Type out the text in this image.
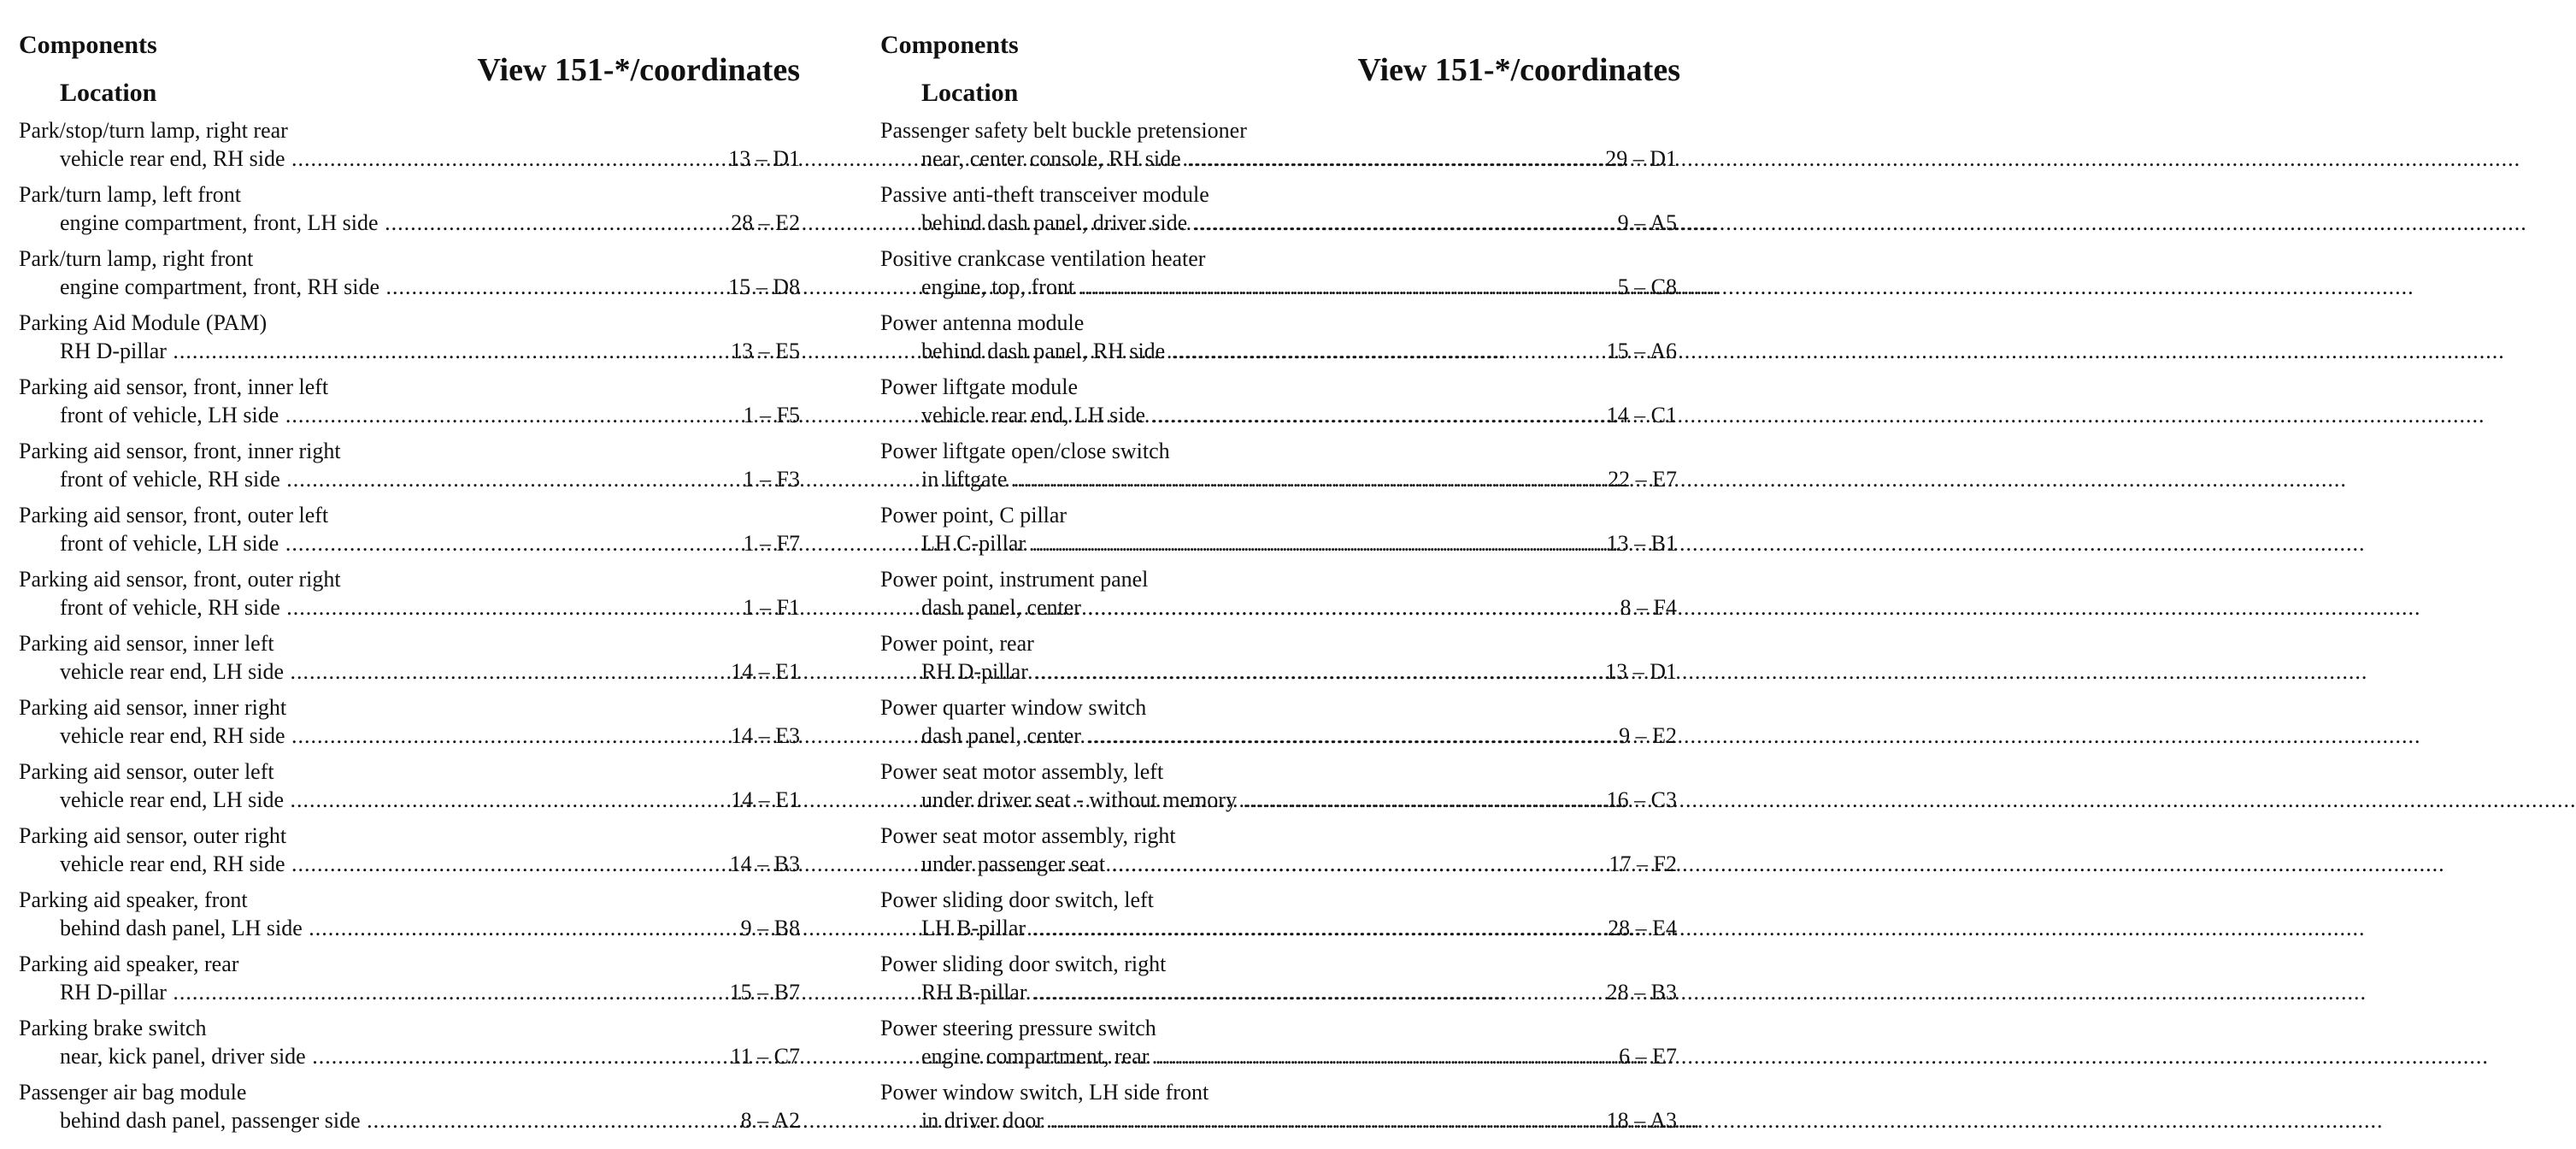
Components
Location
View 151-*/coordinates
Park/stop/turn lamp, right rear
vehicle rear end, RH side .....	13 – D1
Park/turn lamp, left front
engine compartment, front, LH side .....	28 – E2
Park/turn lamp, right front
engine compartment, front, RH side .....	15 – D8
Parking Aid Module (PAM)
RH D-pillar .....	13 – E5
Parking aid sensor, front, inner left
front of vehicle, LH side .....	1 – F5
Parking aid sensor, front, inner right
front of vehicle, RH side .....	1 – F3
Parking aid sensor, front, outer left
front of vehicle, LH side .....	1 – F7
Parking aid sensor, front, outer right
front of vehicle, RH side .....	1 – F1
Parking aid sensor, inner left
vehicle rear end, LH side .....	14 – E1
Parking aid sensor, inner right
vehicle rear end, RH side .....	14 – E3
Parking aid sensor, outer left
vehicle rear end, LH side .....	14 – E1
Parking aid sensor, outer right
vehicle rear end, RH side .....	14 – B3
Parking aid speaker, front
behind dash panel, LH side .....	9 – B8
Parking aid speaker, rear
RH D-pillar .....	15 – B7
Parking brake switch
near, kick panel, driver side .....	11 – C7
Passenger air bag module
behind dash panel, passenger side .....	8 – A2
Components
Location
View 151-*/coordinates
Passenger safety belt buckle pretensioner
near, center console, RH side .....	29 – D1
Passive anti-theft transceiver module
behind dash panel, driver side .....	9 – A5
Positive crankcase ventilation heater
engine, top, front .....	5 – C8
Power antenna module
behind dash panel, RH side .....	15 – A6
Power liftgate module
vehicle rear end, LH side .....	14 – C1
Power liftgate open/close switch
in liftgate .....	22 – E7
Power point, C pillar
LH C-pillar .....	13 – B1
Power point, instrument panel
dash panel, center .....	8 – F4
Power point, rear
RH D-pillar .....	13 – D1
Power quarter window switch
dash panel, center .....	9 – E2
Power seat motor assembly, left
under driver seat - without memory .....	16 – C3
Power seat motor assembly, right
under passenger seat .....	17 – F2
Power sliding door switch, left
LH B-pillar .....	28 – E4
Power sliding door switch, right
RH B-pillar .....	28 – B3
Power steering pressure switch
engine compartment, rear .....	6 – E7
Power window switch, LH side front
in driver door .....	18 – A3
